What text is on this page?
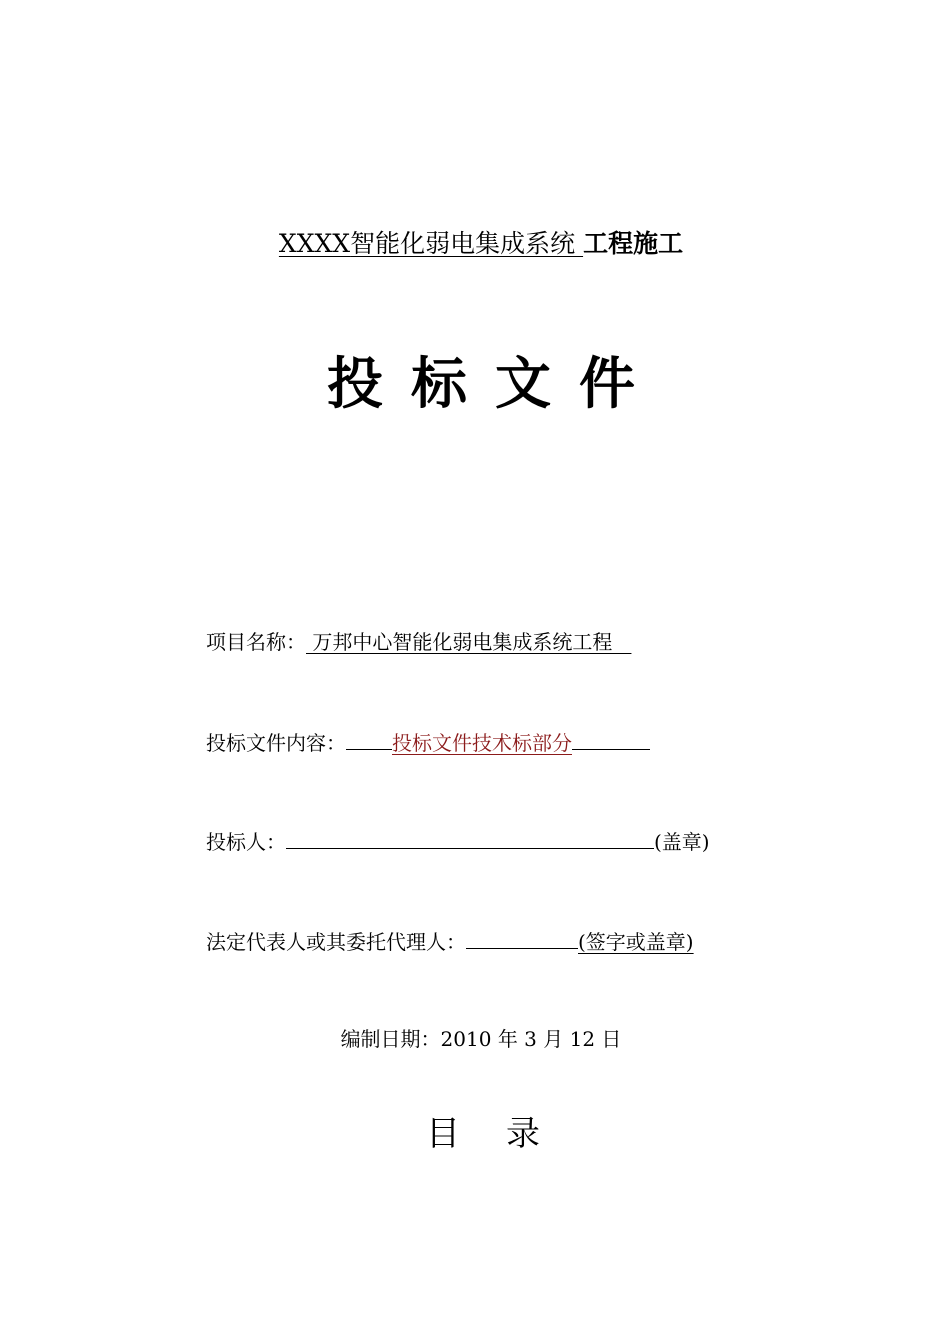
XXXX智能化弱电集成系统 工程施工
投标文件
项目名称： 万邦中心智能化弱电集成系统工程
投标文件内容： 投标文件技术标部分
投标人：	(盖章)
法定代表人或其委托代理人：	(签字或盖章)
编制日期：2010 年 3 月 12 日
目录
